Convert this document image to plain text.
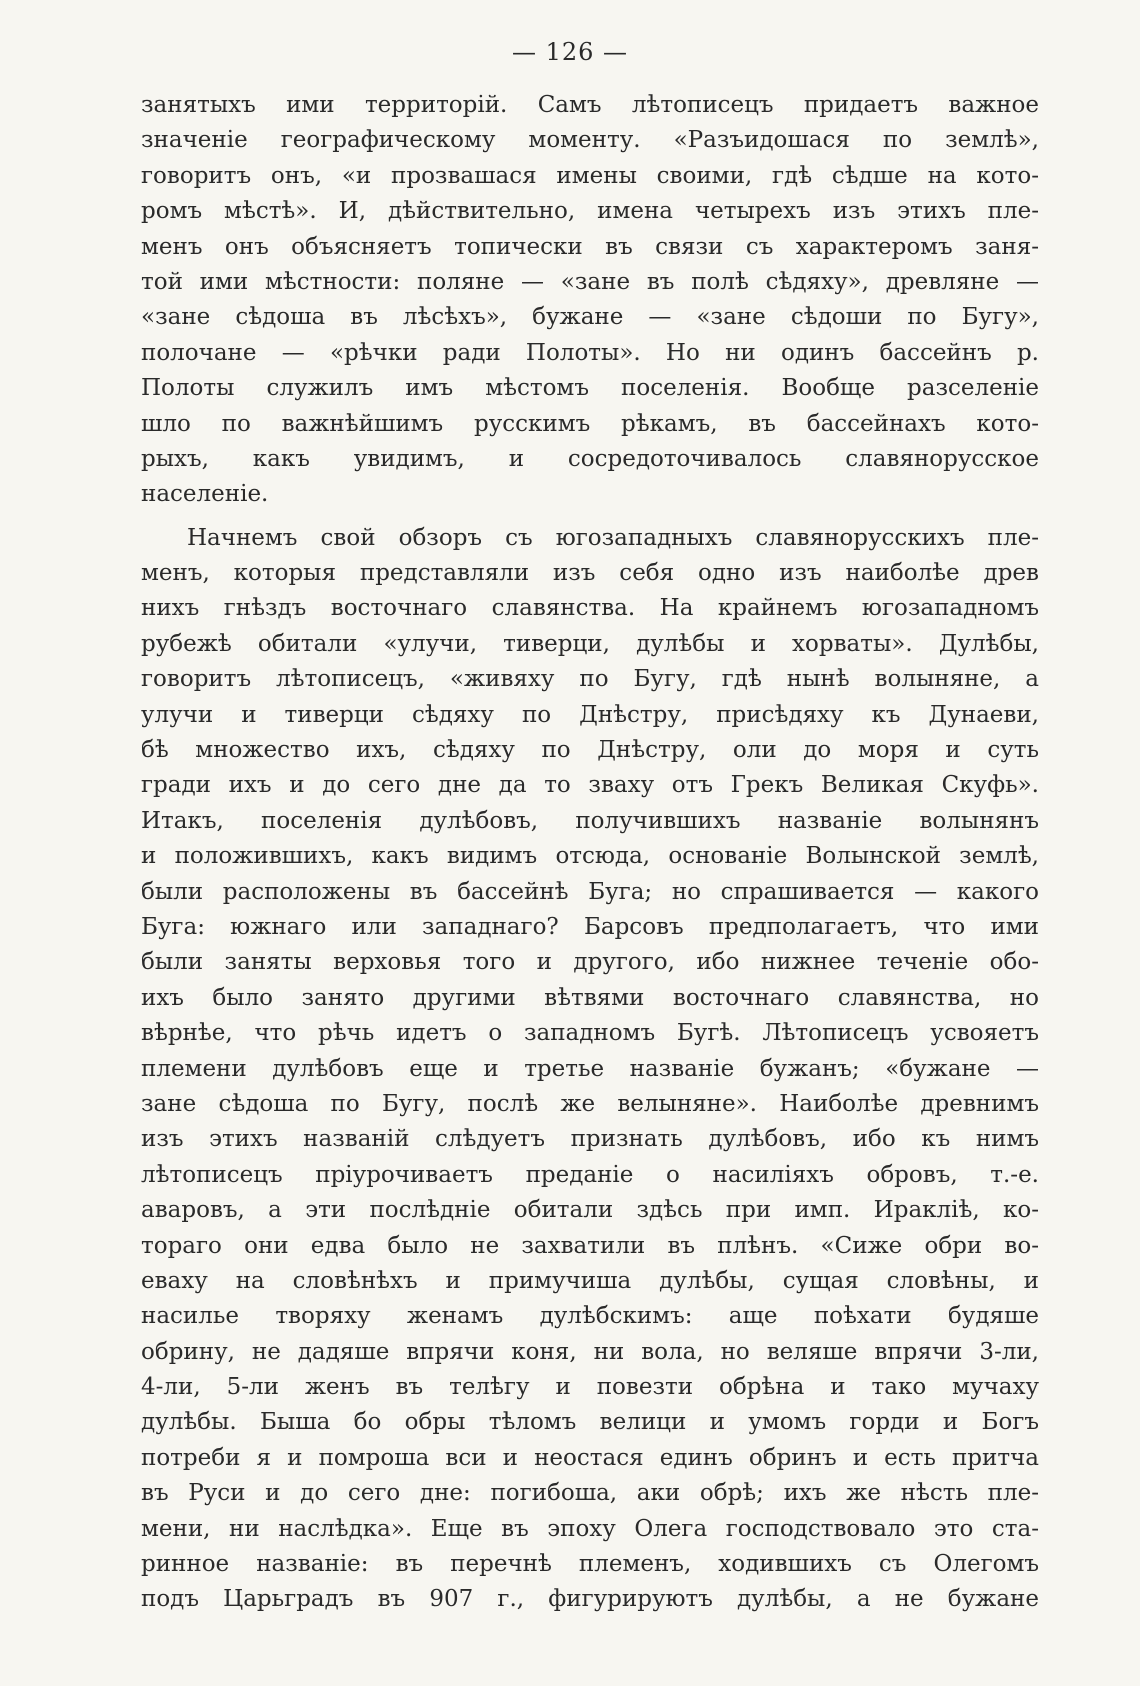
— 126 —
занятыхъ ими территорій. Самъ лѣтописецъ придаетъ важное
значеніе географическому моменту. «Разъидошася по землѣ»,
говоритъ онъ, «и прозвашася имены своими, гдѣ сѣдше на кото-
ромъ мѣстѣ». И, дѣйствительно, имена четырехъ изъ этихъ пле-
менъ онъ объясняетъ топически въ связи съ характеромъ заня-
той ими мѣстности: поляне — «зане въ полѣ сѣдяху», древляне —
«зане сѣдоша въ лѣсѣхъ», бужане — «зане сѣдоши по Бугу»,
полочане — «рѣчки ради Полоты». Но ни одинъ бассейнъ р.
Полоты служилъ имъ мѣстомъ поселенія. Вообще разселеніе
шло по важнѣйшимъ русскимъ рѣкамъ, въ бассейнахъ кото-
рыхъ, какъ увидимъ, и сосредоточивалось славянорусское
населеніе.
Начнемъ свой обзоръ съ югозападныхъ славянорусскихъ пле-
менъ, которыя представляли изъ себя одно изъ наиболѣе древ
нихъ гнѣздъ восточнаго славянства. На крайнемъ югозападномъ
рубежѣ обитали «улучи, тиверци, дулѣбы и хорваты». Дулѣбы,
говоритъ лѣтописецъ, «живяху по Бугу, гдѣ нынѣ волыняне, а
улучи и тиверци сѣдяху по Днѣстру, присѣдяху къ Дунаеви,
бѣ множество ихъ, сѣдяху по Днѣстру, оли до моря и суть
гради ихъ и до сего дне да то зваху отъ Грекъ Великая Скуфь».
Итакъ, поселенія дулѣбовъ, получившихъ названіе волынянъ
и положившихъ, какъ видимъ отсюда, основаніе Волынской землѣ,
были расположены въ бассейнѣ Буга; но спрашивается — какого
Буга: южнаго или западнаго? Барсовъ предполагаетъ, что ими
были заняты верховья того и другого, ибо нижнее теченіе обо-
ихъ было занято другими вѣтвями восточнаго славянства, но
вѣрнѣе, что рѣчь идетъ о западномъ Бугѣ. Лѣтописецъ усвояетъ
племени дулѣбовъ еще и третье названіе бужанъ; «бужане —
зане сѣдоша по Бугу, послѣ же велыняне». Наиболѣе древнимъ
изъ этихъ названій слѣдуетъ признать дулѣбовъ, ибо къ нимъ
лѣтописецъ пріурочиваетъ преданіе о насиліяхъ обровъ, т.-е.
аваровъ, а эти послѣдніе обитали здѣсь при имп. Ираклiѣ, ко-
тораго они едва было не захватили въ плѣнъ. «Сиже обри во-
еваху на словѣнѣхъ и примучиша дулѣбы, сущая словѣны, и
насилье творяху женамъ дулѣбскимъ: аще поѣхати будяше
обрину, не дадяше впрячи коня, ни вола, но веляше впрячи 3-ли,
4-ли, 5-ли женъ въ телѣгу и повезти обрѣна и тако мучаху
дулѣбы. Быша бо обры тѣломъ велици и умомъ горди и Богъ
потреби я и помроша вси и неостася единъ обринъ и есть притча
въ Руси и до сего дне: погибоша, аки обрѣ; ихъ же нѣсть пле-
мени, ни наслѣдка». Еще въ эпоху Олега господствовало это ста-
ринное названіе: въ перечнѣ племенъ, ходившихъ съ Олегомъ
подъ Царьградъ въ 907 г., фигурируютъ дулѣбы, а не бужане
